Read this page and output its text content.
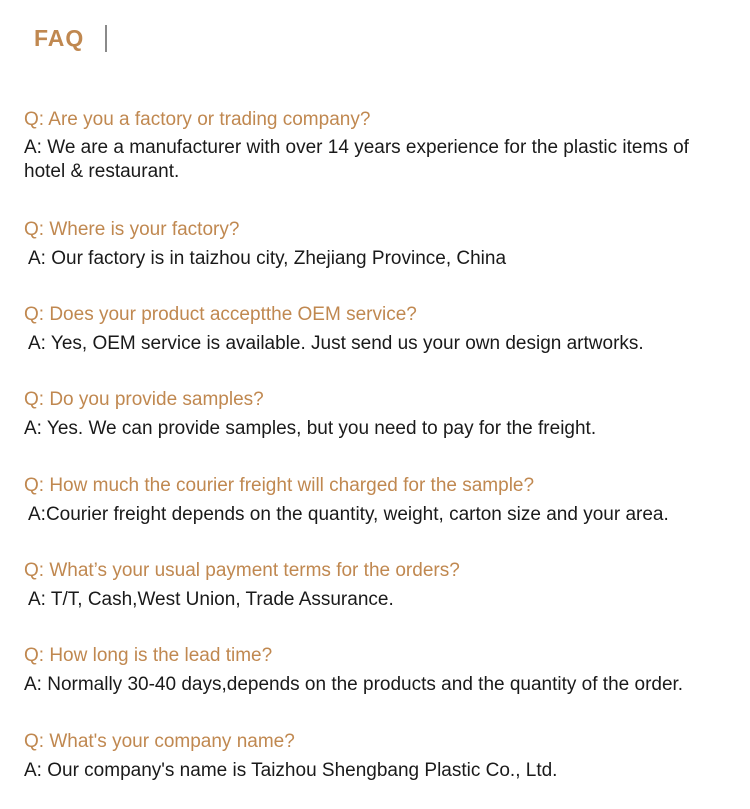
FAQ
Q: Are you a factory or trading company?
A: We are a manufacturer with over 14 years experience for the plastic items of hotel & restaurant.
Q: Where is your factory?
A: Our factory is in taizhou city, Zhejiang Province, China
Q: Does your product acceptthe OEM service?
A: Yes, OEM service is available. Just send us your own design artworks.
Q: Do you provide samples?
A: Yes. We can provide samples, but you need to pay for the freight.
Q: How much the courier freight will charged for the sample?
A:Courier freight depends on the quantity, weight, carton size and your area.
Q: What’s your usual payment terms for the orders?
A: T/T, Cash,West Union, Trade Assurance.
Q: How long is the lead time?
A: Normally 30-40 days,depends on the products and the quantity of the order.
Q: What's your company name?
A: Our company's name is Taizhou Shengbang Plastic Co., Ltd.
